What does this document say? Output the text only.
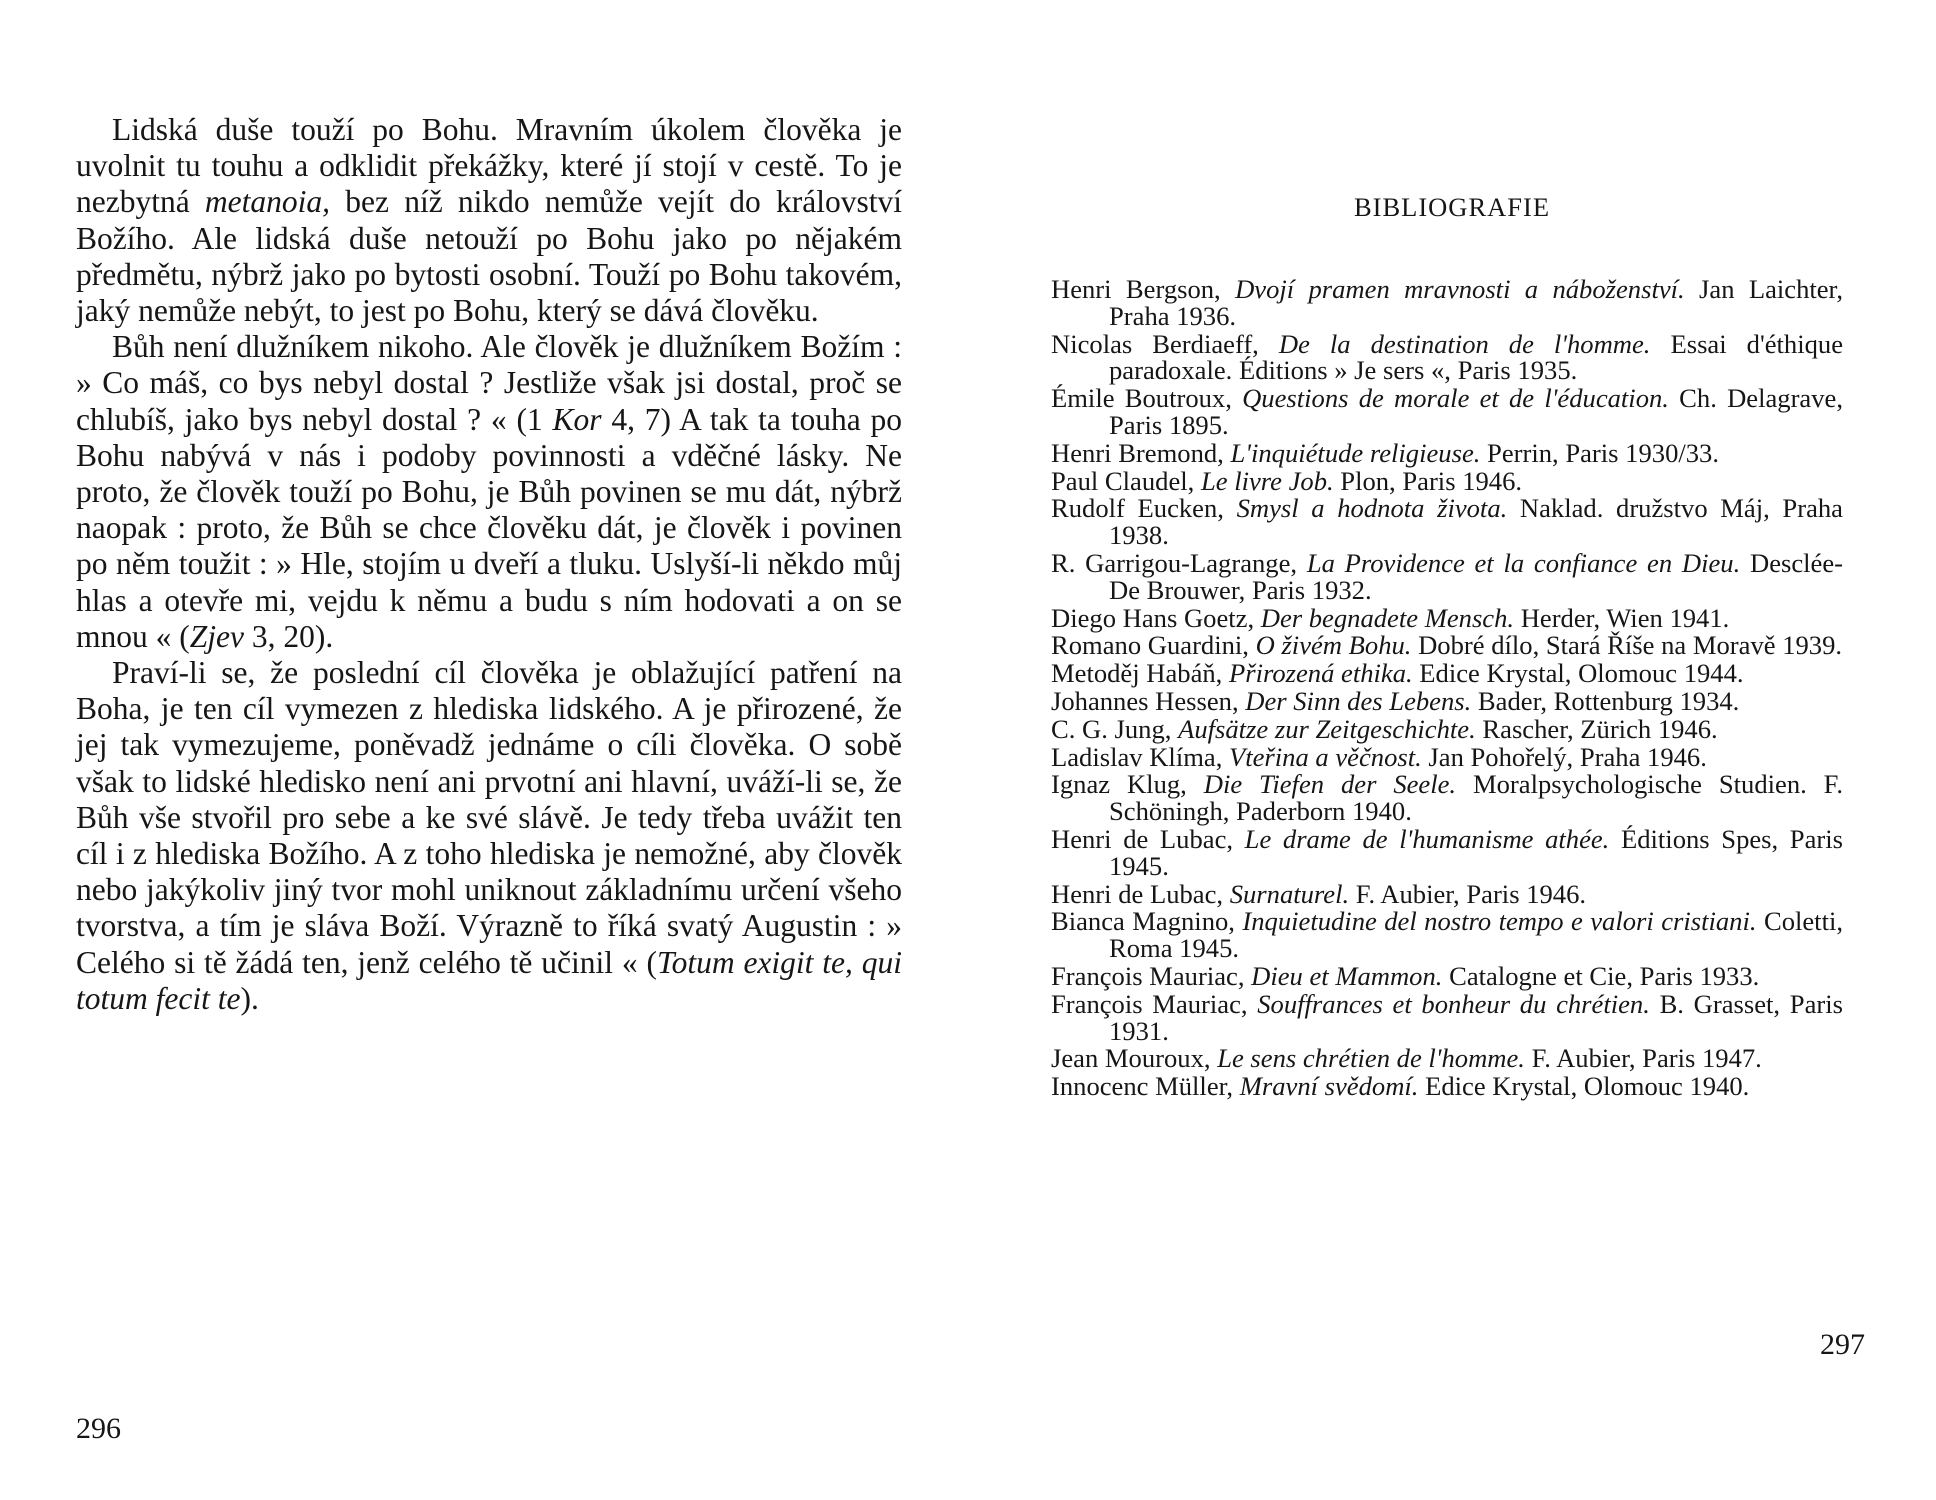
Lidská duše touží po Bohu. Mravním úkolem člověka je uvolnit tu touhu a odklidit překážky, které jí stojí v cestě. To je nezbytná metanoia, bez níž nikdo nemůže vejít do království Božího. Ale lidská duše netouží po Bohu jako po nějakém předmětu, nýbrž jako po bytosti osobní. Touží po Bohu takovém, jaký nemůže nebýt, to jest po Bohu, který se dává člověku.

Bůh není dlužníkem nikoho. Ale člověk je dlužníkem Božím : » Co máš, co bys nebyl dostal ? Jestliže však jsi dostal, proč se chlubíš, jako bys nebyl dostal ? « (1 Kor 4, 7) A tak ta touha po Bohu nabývá v nás i podoby povinnosti a vděčné lásky. Ne proto, že člověk touží po Bohu, je Bůh povinen se mu dát, nýbrž naopak : proto, že Bůh se chce člověku dát, je člověk i povinen po něm toužit : » Hle, stojím u dveří a tluku. Uslyší-li někdo můj hlas a otevře mi, vejdu k němu a budu s ním hodovati a on se mnou « (Zjev 3, 20).

Praví-li se, že poslední cíl člověka je oblažující patření na Boha, je ten cíl vymezen z hlediska lidského. A je přirozené, že jej tak vymezujeme, poněvadž jednáme o cíli člověka. O sobě však to lidské hledisko není ani prvotní ani hlavní, uváží-li se, že Bůh vše stvořil pro sebe a ke své slávě. Je tedy třeba uvážit ten cíl i z hlediska Božího. A z toho hlediska je nemožné, aby člověk nebo jakýkoliv jiný tvor mohl uniknout základnímu určení všeho tvorstva, a tím je sláva Boží. Výrazně to říká svatý Augustin : » Celého si tě žádá ten, jenž celého tě učinil « (Totum exigit te, qui totum fecit te).

296

BIBLIOGRAFIE
Henri Bergson, Dvojí pramen mravnosti a náboženství. Jan Laichter, Praha 1936.
Nicolas Berdiaeff, De la destination de l'homme. Essai d'éthique paradoxale. Éditions » Je sers «, Paris 1935.
Émile Boutroux, Questions de morale et de l'éducation. Ch. Delagrave, Paris 1895.
Henri Bremond, L'inquiétude religieuse. Perrin, Paris 1930/33.
Paul Claudel, Le livre Job. Plon, Paris 1946.
Rudolf Eucken, Smysl a hodnota života. Naklad. družstvo Máj, Praha 1938.
R. Garrigou-Lagrange, La Providence et la confiance en Dieu. Desclée-De Brouwer, Paris 1932.
Diego Hans Goetz, Der begnadete Mensch. Herder, Wien 1941.
Romano Guardini, O živém Bohu. Dobré dílo, Stará Říše na Moravě 1939.
Metoděj Habáň, Přirozená ethika. Edice Krystal, Olomouc 1944.
Johannes Hessen, Der Sinn des Lebens. Bader, Rottenburg 1934.
C. G. Jung, Aufsätze zur Zeitgeschichte. Rascher, Zürich 1946.
Ladislav Klíma, Vteřina a věčnost. Jan Pohořelý, Praha 1946.
Ignaz Klug, Die Tiefen der Seele. Moralpsychologische Studien. F. Schöningh, Paderborn 1940.
Henri de Lubac, Le drame de l'humanisme athée. Éditions Spes, Paris 1945.
Henri de Lubac, Surnaturel. F. Aubier, Paris 1946.
Bianca Magnino, Inquietudine del nostro tempo e valori cristiani. Coletti, Roma 1945.
François Mauriac, Dieu et Mammon. Catalogne et Cie, Paris 1933.
François Mauriac, Souffrances et bonheur du chrétien. B. Grasset, Paris 1931.
Jean Mouroux, Le sens chrétien de l'homme. F. Aubier, Paris 1947.
Innocenc Müller, Mravní svědomí. Edice Krystal, Olomouc 1940.

297
